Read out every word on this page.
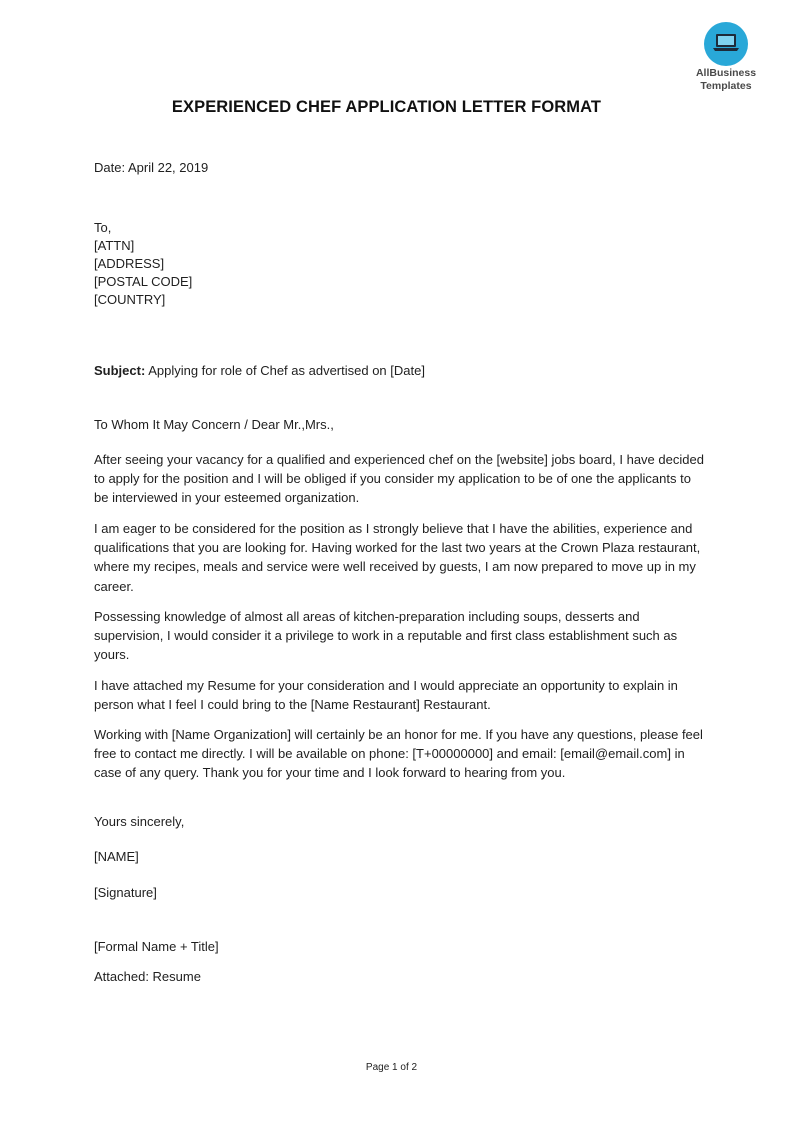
AllBusiness
Templates
EXPERIENCED CHEF APPLICATION LETTER FORMAT
Date: April 22, 2019
To,
[ATTN]
[ADDRESS]
[POSTAL CODE]
[COUNTRY]
Subject: Applying for role of Chef as advertised on [Date]
To Whom It May Concern / Dear Mr.,Mrs.,
After seeing your vacancy for a qualified and experienced chef on the [website] jobs board, I have decided to apply for the position and I will be obliged if you consider my application to be of one the applicants to be interviewed in your esteemed organization.
I am eager to be considered for the position as I strongly believe that I have the abilities, experience and qualifications that you are looking for. Having worked for the last two years at the Crown Plaza restaurant, where my recipes, meals and service were well received by guests, I am now prepared to move up in my career.
Possessing knowledge of almost all areas of kitchen-preparation including soups, desserts and supervision, I would consider it a privilege to work in a reputable and first class establishment such as yours.
I have attached my Resume for your consideration and I would appreciate an opportunity to explain in person what I feel I could bring to the [Name Restaurant] Restaurant.
Working with [Name Organization] will certainly be an honor for me. If you have any questions, please feel free to contact me directly. I will be available on phone: [T+00000000] and email: [email@email.com] in case of any query. Thank you for your time and I look forward to hearing from you.
Yours sincerely,
[NAME]
[Signature]
[Formal Name + Title]
Attached: Resume
Page 1 of 2
